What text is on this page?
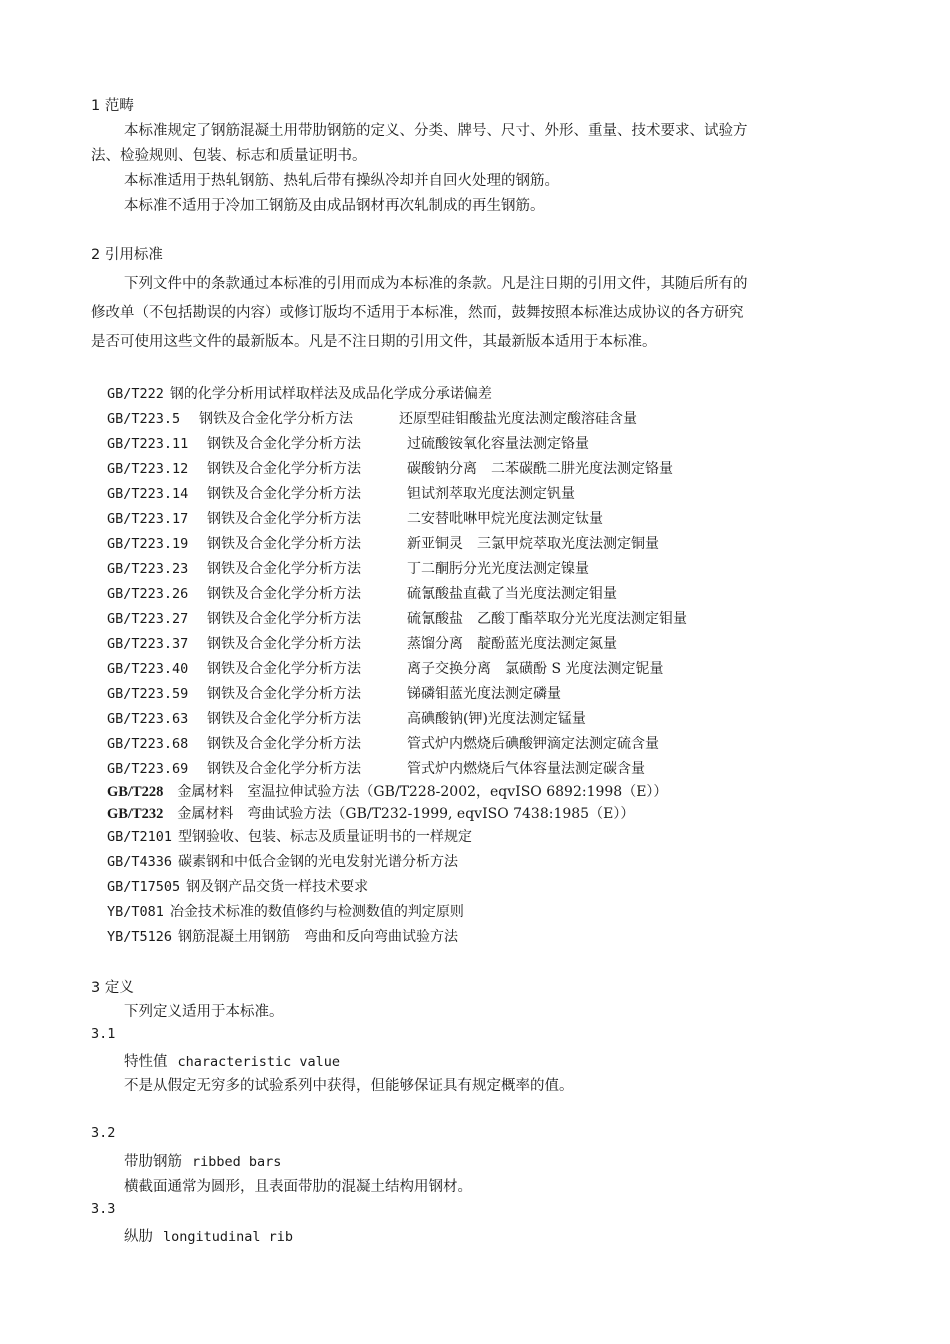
1 范畴
本标准规定了钢筋混凝土用带肋钢筋的定义、分类、牌号、尺寸、外形、重量、技术要求、试验方
法、检验规则、包装、标志和质量证明书。
本标准适用于热轧钢筋、热轧后带有操纵冷却并自回火处理的钢筋。
本标准不适用于冷加工钢筋及由成品钢材再次轧制成的再生钢筋。
2 引用标准
下列文件中的条款通过本标准的引用而成为本标准的条款。凡是注日期的引用文件，其随后所有的
修改单（不包括勘误的内容）或修订版均不适用于本标准，然而，鼓舞按照本标准达成协议的各方研究
是否可使用这些文件的最新版本。凡是不注日期的引用文件，其最新版本适用于本标准。
GB/T222 钢的化学分析用试样取样法及成品化学成分承诺偏差
GB/T223.5 钢铁及合金化学分析方法	还原型硅钼酸盐光度法测定酸溶硅含量
GB/T223.11 钢铁及合金化学分析方法	过硫酸铵氧化容量法测定铬量
GB/T223.12 钢铁及合金化学分析方法	碳酸钠分离　二苯碳酰二肼光度法测定铬量
GB/T223.14 钢铁及合金化学分析方法	钽试剂萃取光度法测定钒量
GB/T223.17 钢铁及合金化学分析方法	二安替吡啉甲烷光度法测定钛量
GB/T223.19 钢铁及合金化学分析方法	新亚铜灵　三氯甲烷萃取光度法测定铜量
GB/T223.23 钢铁及合金化学分析方法	丁二酮肟分光光度法测定镍量
GB/T223.26 钢铁及合金化学分析方法	硫氰酸盐直截了当光度法测定钼量
GB/T223.27 钢铁及合金化学分析方法	硫氰酸盐　乙酸丁酯萃取分光光度法测定钼量
GB/T223.37 钢铁及合金化学分析方法	蒸馏分离　靛酚蓝光度法测定氮量
GB/T223.40 钢铁及合金化学分析方法	离子交换分离　氯磺酚 S 光度法测定铌量
GB/T223.59 钢铁及合金化学分析方法	锑磷钼蓝光度法测定磷量
GB/T223.63 钢铁及合金化学分析方法	高碘酸钠(钾)光度法测定锰量
GB/T223.68 钢铁及合金化学分析方法	管式炉内燃烧后碘酸钾滴定法测定硫含量
GB/T223.69 钢铁及合金化学分析方法	管式炉内燃烧后气体容量法测定碳含量
GB/T228 金属材料　室温拉伸试验方法（GB/T228-2002，eqvISO 6892:1998（E））
GB/T232 金属材料　弯曲试验方法（GB/T232-1999, eqvISO 7438:1985（E））
GB/T2101 型钢验收、包装、标志及质量证明书的一样规定
GB/T4336 碳素钢和中低合金钢的光电发射光谱分析方法
GB/T17505 钢及钢产品交货一样技术要求
YB/T081 冶金技术标准的数值修约与检测数值的判定原则
YB/T5126 钢筋混凝土用钢筋　弯曲和反向弯曲试验方法
3 定义
下列定义适用于本标准。
3.1
特性值 characteristic value
不是从假定无穷多的试验系列中获得，但能够保证具有规定概率的值。
3.2
带肋钢筋 ribbed bars
横截面通常为圆形，且表面带肋的混凝土结构用钢材。
3.3
纵肋 longitudinal rib
